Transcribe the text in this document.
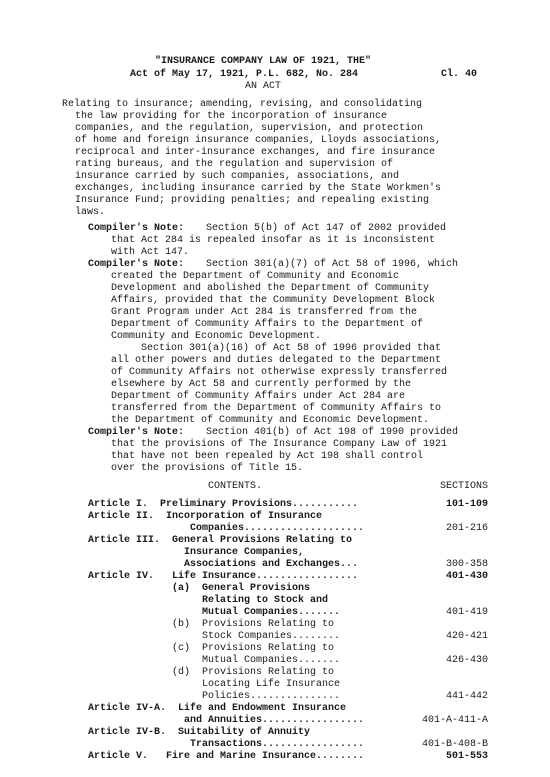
"INSURANCE COMPANY LAW OF 1921, THE"
Act of May 17, 1921, P.L. 682, No. 284	Cl. 40
AN ACT
Relating to insurance; amending, revising, and consolidating
the law providing for the incorporation of insurance
companies, and the regulation, supervision, and protection
of home and foreign insurance companies, Lloyds associations,
reciprocal and inter-insurance exchanges, and fire insurance
rating bureaus, and the regulation and supervision of
insurance carried by such companies, associations, and
exchanges, including insurance carried by the State Workmen's
Insurance Fund; providing penalties; and repealing existing
laws.
Compiler's Note: Section 5(b) of Act 147 of 2002 provided
that Act 284 is repealed insofar as it is inconsistent
with Act 147.
Compiler's Note: Section 301(a)(7) of Act 58 of 1996, which
created the Department of Community and Economic
Development and abolished the Department of Community
Affairs, provided that the Community Development Block
Grant Program under Act 284 is transferred from the
Department of Community Affairs to the Department of
Community and Economic Development.
Section 301(a)(16) of Act 58 of 1996 provided that
all other powers and duties delegated to the Department
of Community Affairs not otherwise expressly transferred
elsewhere by Act 58 and currently performed by the
Department of Community Affairs under Act 284 are
transferred from the Department of Community Affairs to
the Department of Community and Economic Development.
Compiler's Note: Section 401(b) of Act 198 of 1990 provided
that the provisions of The Insurance Company Law of 1921
that have not been repealed by Act 198 shall control
over the provisions of Title 15.
CONTENTS.	SECTIONS
Article I.  Preliminary Provisions...........	101-109
Article II.  Incorporation of Insurance
Companies....................	201-216
Article III.  General Provisions Relating to
Insurance Companies,
Associations and Exchanges...	300-358
Article IV.   Life Insurance.................	401-430
(a)  General Provisions
Relating to Stock and
Mutual Companies.......	401-419
(b)  Provisions Relating to
Stock Companies........	420-421
(c)  Provisions Relating to
Mutual Companies.......	426-430
(d)  Provisions Relating to
Locating Life Insurance
Policies...............	441-442
Article IV-A.  Life and Endowment Insurance
and Annuities.................	401-A-411-A
Article IV-B.  Suitability of Annuity
Transactions.................	401-B-408-B
Article V.   Fire and Marine Insurance........	501-553
